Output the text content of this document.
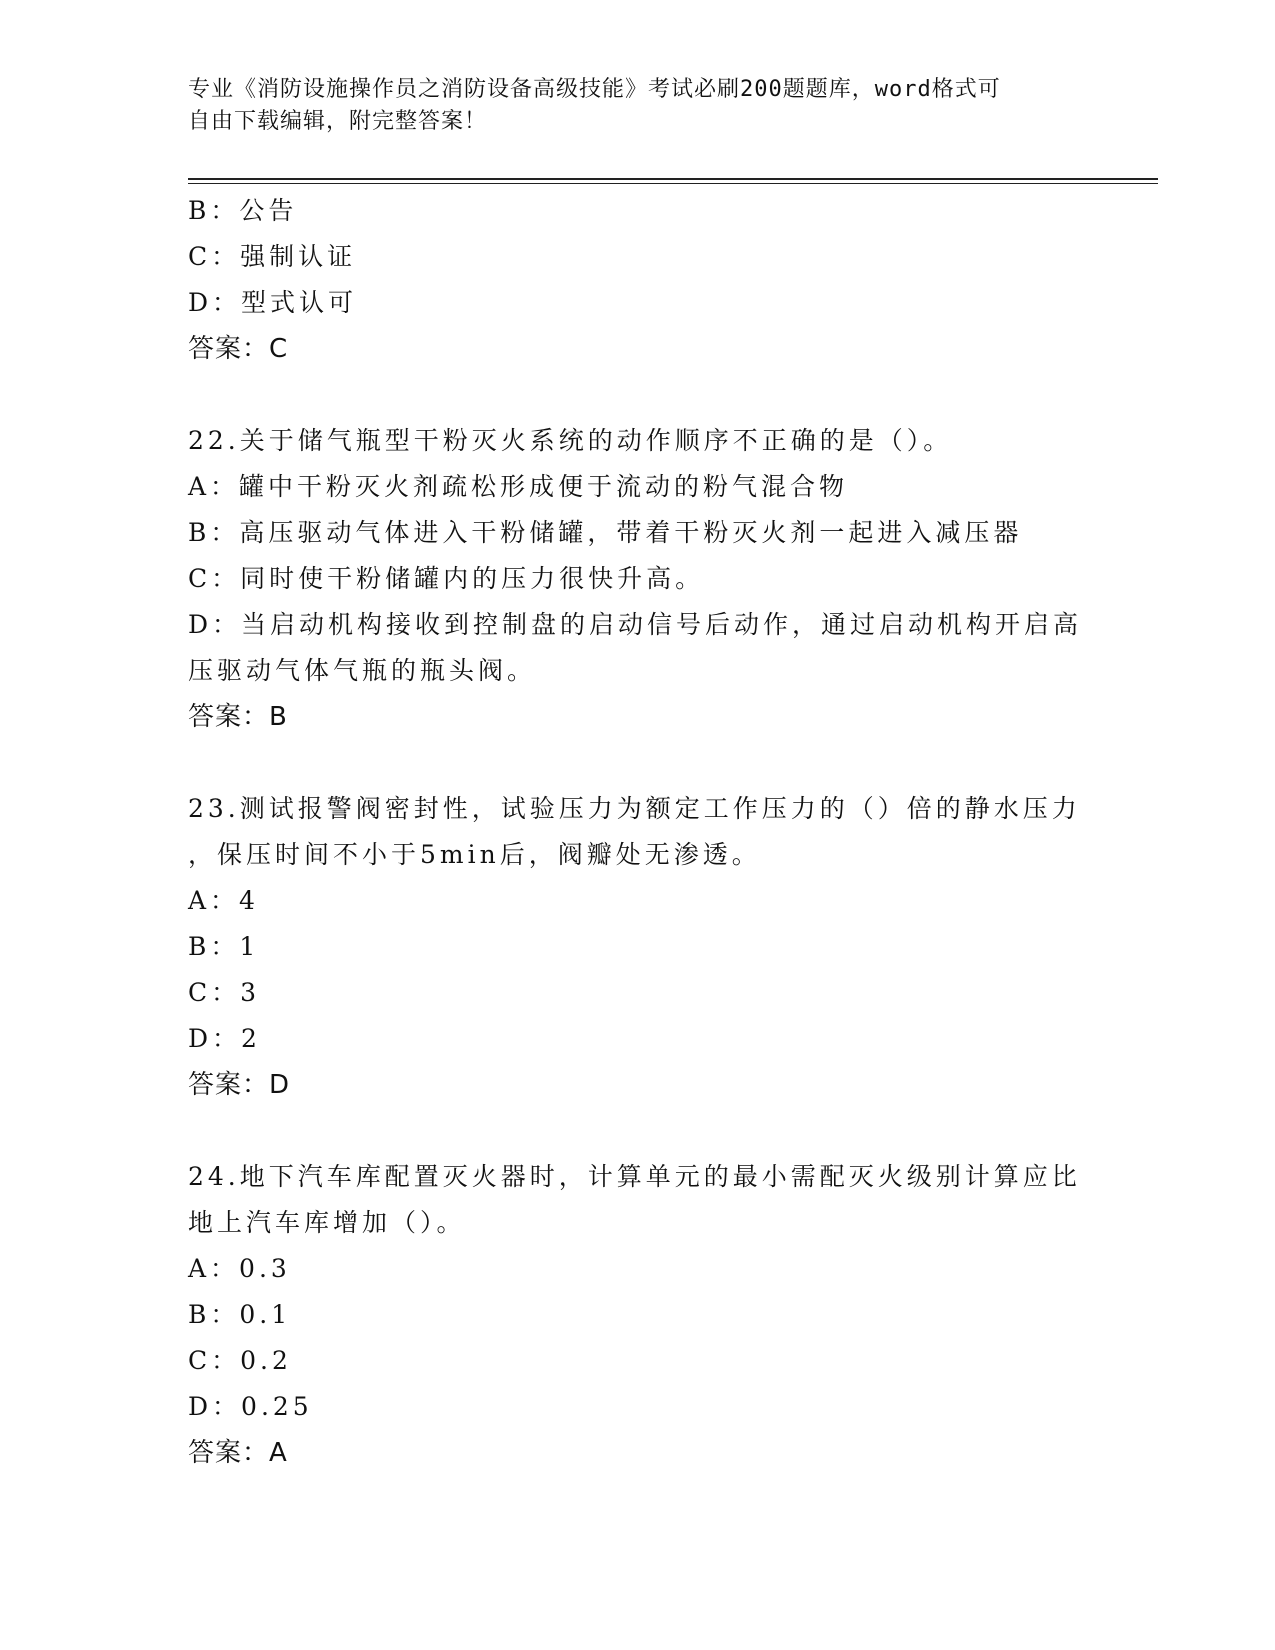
专业《消防设施操作员之消防设备高级技能》考试必刷200题题库，word格式可
自由下载编辑，附完整答案！

B：公告

C：强制认证

D：型式认可

答案：C

22.关于储气瓶型干粉灭火系统的动作顺序不正确的是（）。

A：罐中干粉灭火剂疏松形成便于流动的粉气混合物

B：高压驱动气体进入干粉储罐，带着干粉灭火剂一起进入减压器

C：同时使干粉储罐内的压力很快升高。

D：当启动机构接收到控制盘的启动信号后动作，通过启动机构开启高

压驱动气体气瓶的瓶头阀。

答案：B

23.测试报警阀密封性，试验压力为额定工作压力的（）倍的静水压力

，保压时间不小于5min后，阀瓣处无渗透。

A：4

B：1

C：3

D：2

答案：D

24.地下汽车库配置灭火器时，计算单元的最小需配灭火级别计算应比

地上汽车库增加（）。

A：0.3

B：0.1

C：0.2

D：0.25

答案：A
